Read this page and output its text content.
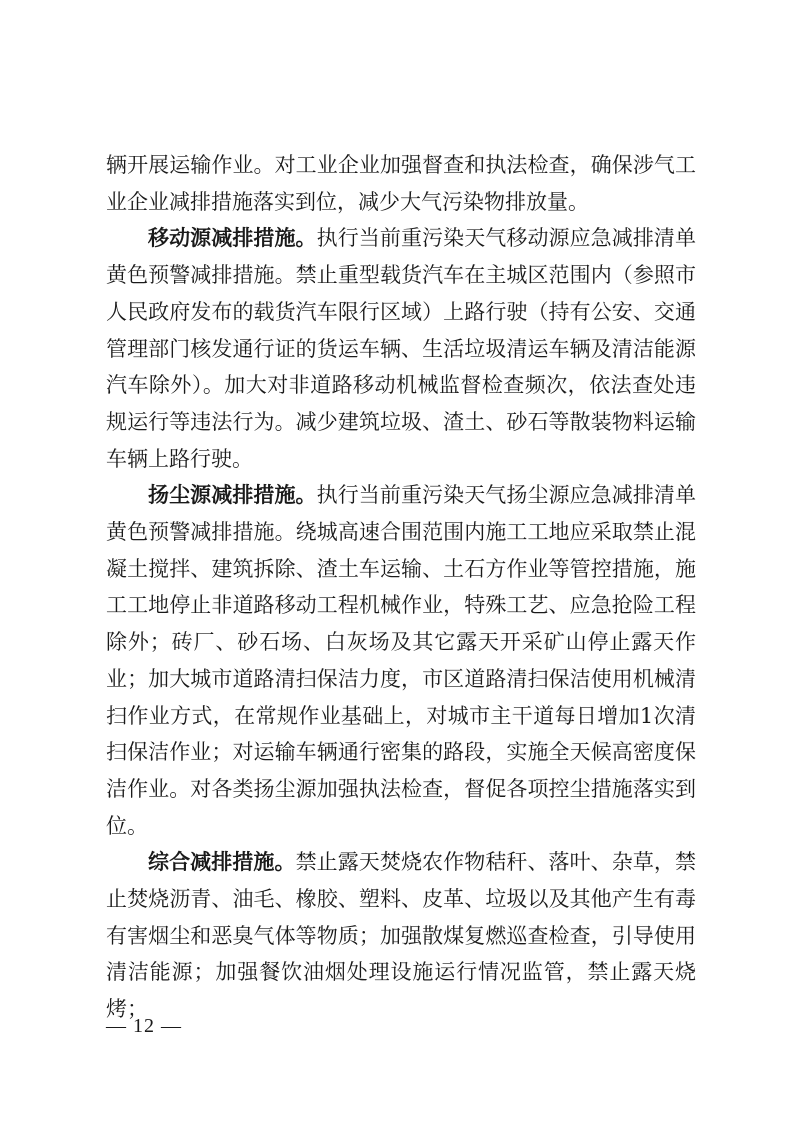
辆开展运输作业。对工业企业加强督查和执法检查，确保涉气工业企业减排措施落实到位，减少大气污染物排放量。

移动源减排措施。执行当前重污染天气移动源应急减排清单黄色预警减排措施。禁止重型载货汽车在主城区范围内（参照市人民政府发布的载货汽车限行区域）上路行驶（持有公安、交通管理部门核发通行证的货运车辆、生活垃圾清运车辆及清洁能源汽车除外）。加大对非道路移动机械监督检查频次，依法查处违规运行等违法行为。减少建筑垃圾、渣土、砂石等散装物料运输车辆上路行驶。

扬尘源减排措施。执行当前重污染天气扬尘源应急减排清单黄色预警减排措施。绕城高速合围范围内施工工地应采取禁止混凝土搅拌、建筑拆除、渣土车运输、土石方作业等管控措施，施工工地停止非道路移动工程机械作业，特殊工艺、应急抢险工程除外；砖厂、砂石场、白灰场及其它露天开采矿山停止露天作业；加大城市道路清扫保洁力度，市区道路清扫保洁使用机械清扫作业方式，在常规作业基础上，对城市主干道每日增加1次清扫保洁作业；对运输车辆通行密集的路段，实施全天候高密度保洁作业。对各类扬尘源加强执法检查，督促各项控尘措施落实到位。

综合减排措施。禁止露天焚烧农作物秸秆、落叶、杂草，禁止焚烧沥青、油毛、橡胶、塑料、皮革、垃圾以及其他产生有毒有害烟尘和恶臭气体等物质；加强散煤复燃巡查检查，引导使用清洁能源；加强餐饮油烟处理设施运行情况监管，禁止露天烧烤；

— 12 —
